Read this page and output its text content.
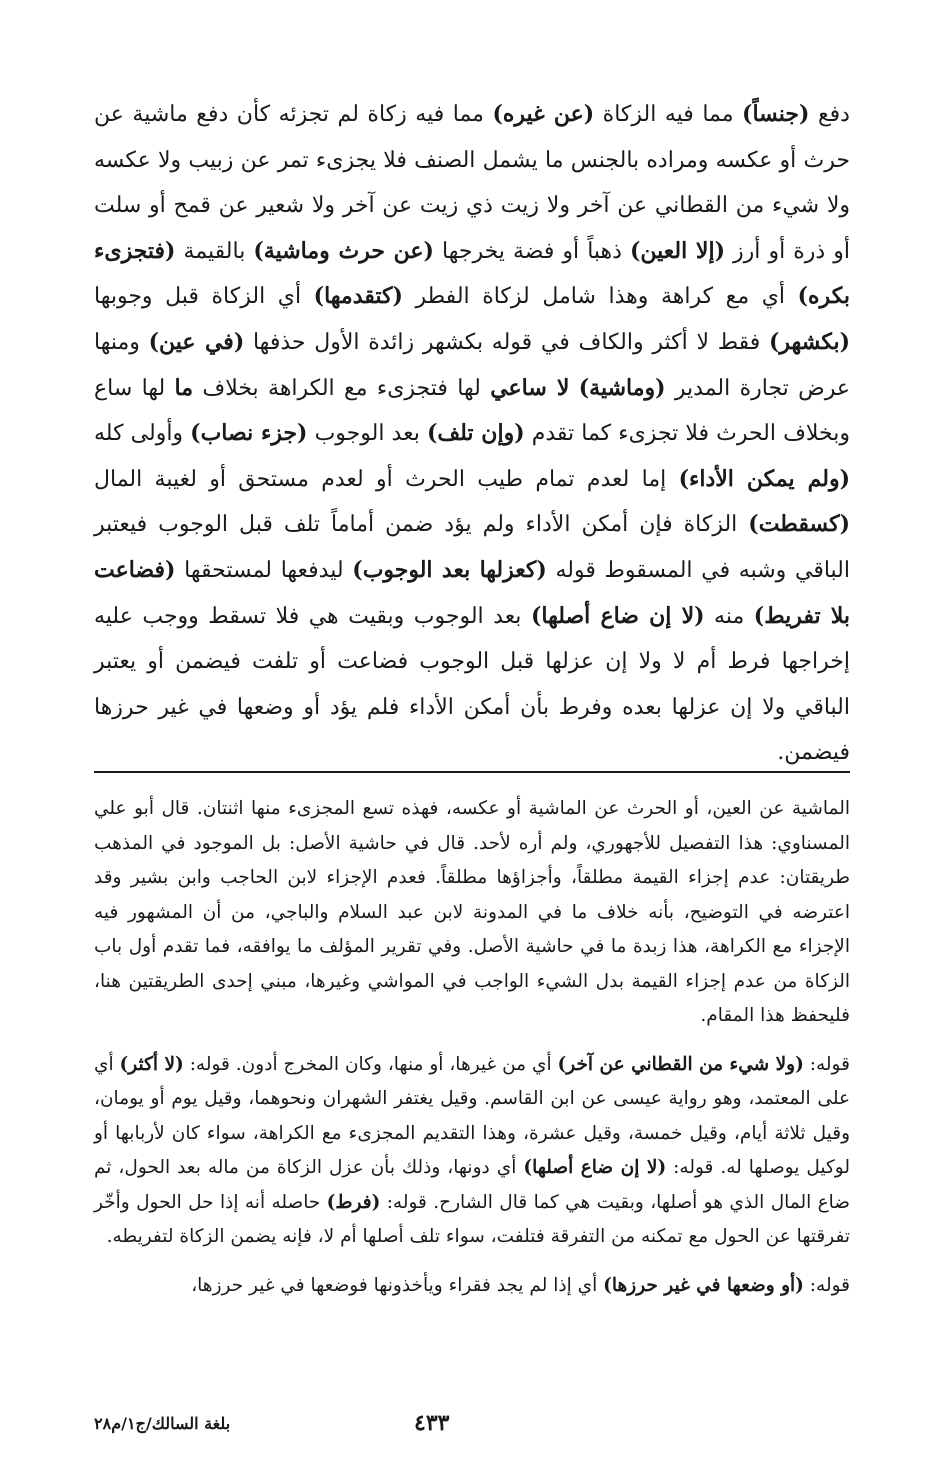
دفع (جنساً) مما فيه الزكاة (عن غيره) مما فيه زكاة لم تجزئه كأن دفع ماشية عن حرث أو عكسه ومراده بالجنس ما يشمل الصنف فلا يجزىء تمر عن زبيب ولا عكسه ولا شيء من القطاني عن آخر ولا زيت ذي زيت عن آخر ولا شعير عن قمح أو سلت أو ذرة أو أرز (إلا العين) ذهباً أو فضة يخرجها (عن حرث وماشية) بالقيمة (فتجزىء بكره) أي مع كراهة وهذا شامل لزكاة الفطر (كتقدمها) أي الزكاة قبل وجوبها (بكشهر) فقط لا أكثر والكاف في قوله بكشهر زائدة الأول حذفها (في عين) ومنها عرض تجارة المدير (وماشية) لا ساعي لها فتجزىء مع الكراهة بخلاف ما لها ساع وبخلاف الحرث فلا تجزىء كما تقدم (وإن تلف) بعد الوجوب (جزء نصاب) وأولى كله (ولم يمكن الأداء) إما لعدم تمام طيب الحرث أو لعدم مستحق أو لغيبة المال (كسقطت) الزكاة فإن أمكن الأداء ولم يؤد ضمن أماماً تلف قبل الوجوب فيعتبر الباقي وشبه في المسقوط قوله (كعزلها بعد الوجوب) ليدفعها لمستحقها (فضاعت بلا تفريط) منه (لا إن ضاع أصلها) بعد الوجوب وبقيت هي فلا تسقط ووجب عليه إخراجها فرط أم لا ولا إن عزلها قبل الوجوب فضاعت أو تلفت فيضمن أو يعتبر الباقي ولا إن عزلها بعده وفرط بأن أمكن الأداء فلم يؤد أو وضعها في غير حرزها فيضمن.

الماشية عن العين، أو الحرث عن الماشية أو عكسه، فهذه تسع المجزىء منها اثنتان. قال أبو علي المسناوي: هذا التفصيل للأجهوري، ولم أره لأحد. قال في حاشية الأصل: بل الموجود في المذهب طريقتان: عدم إجزاء القيمة مطلقاً، وأجزاؤها مطلقاً. فعدم الإجزاء لابن الحاجب وابن بشير وقد اعترضه في التوضيح، بأنه خلاف ما في المدونة لابن عبد السلام والباجي، من أن المشهور فيه الإجزاء مع الكراهة، هذا زبدة ما في حاشية الأصل. وفي تقرير المؤلف ما يوافقه، فما تقدم أول باب الزكاة من عدم إجزاء القيمة بدل الشيء الواجب في المواشي وغيرها، مبني إحدى الطريقتين هنا، فليحفظ هذا المقام.

قوله: (ولا شيء من القطاني عن آخر) أي من غيرها، أو منها، وكان المخرج أدون. قوله: (لا أكثر) أي على المعتمد، وهو رواية عيسى عن ابن القاسم. وقيل يغتفر الشهران ونحوهما، وقيل يوم أو يومان، وقيل ثلاثة أيام، وقيل خمسة، وقيل عشرة، وهذا التقديم المجزىء مع الكراهة، سواء كان لأربابها أو لوكيل يوصلها له. قوله: (لا إن ضاع أصلها) أي دونها، وذلك بأن عزل الزكاة من ماله بعد الحول، ثم ضاع المال الذي هو أصلها، وبقيت هي كما قال الشارح. قوله: (فرط) حاصله أنه إذا حل الحول وأخّر تفرقتها عن الحول مع تمكنه من التفرقة فتلفت، سواء تلف أصلها أم لا، فإنه يضمن الزكاة لتفريطه.

قوله: (أو وضعها في غير حرزها) أي إذا لم يجد فقراء ويأخذونها فوضعها في غير حرزها،

٤٣٣
بلغة السالك/ج١/م٢٨
